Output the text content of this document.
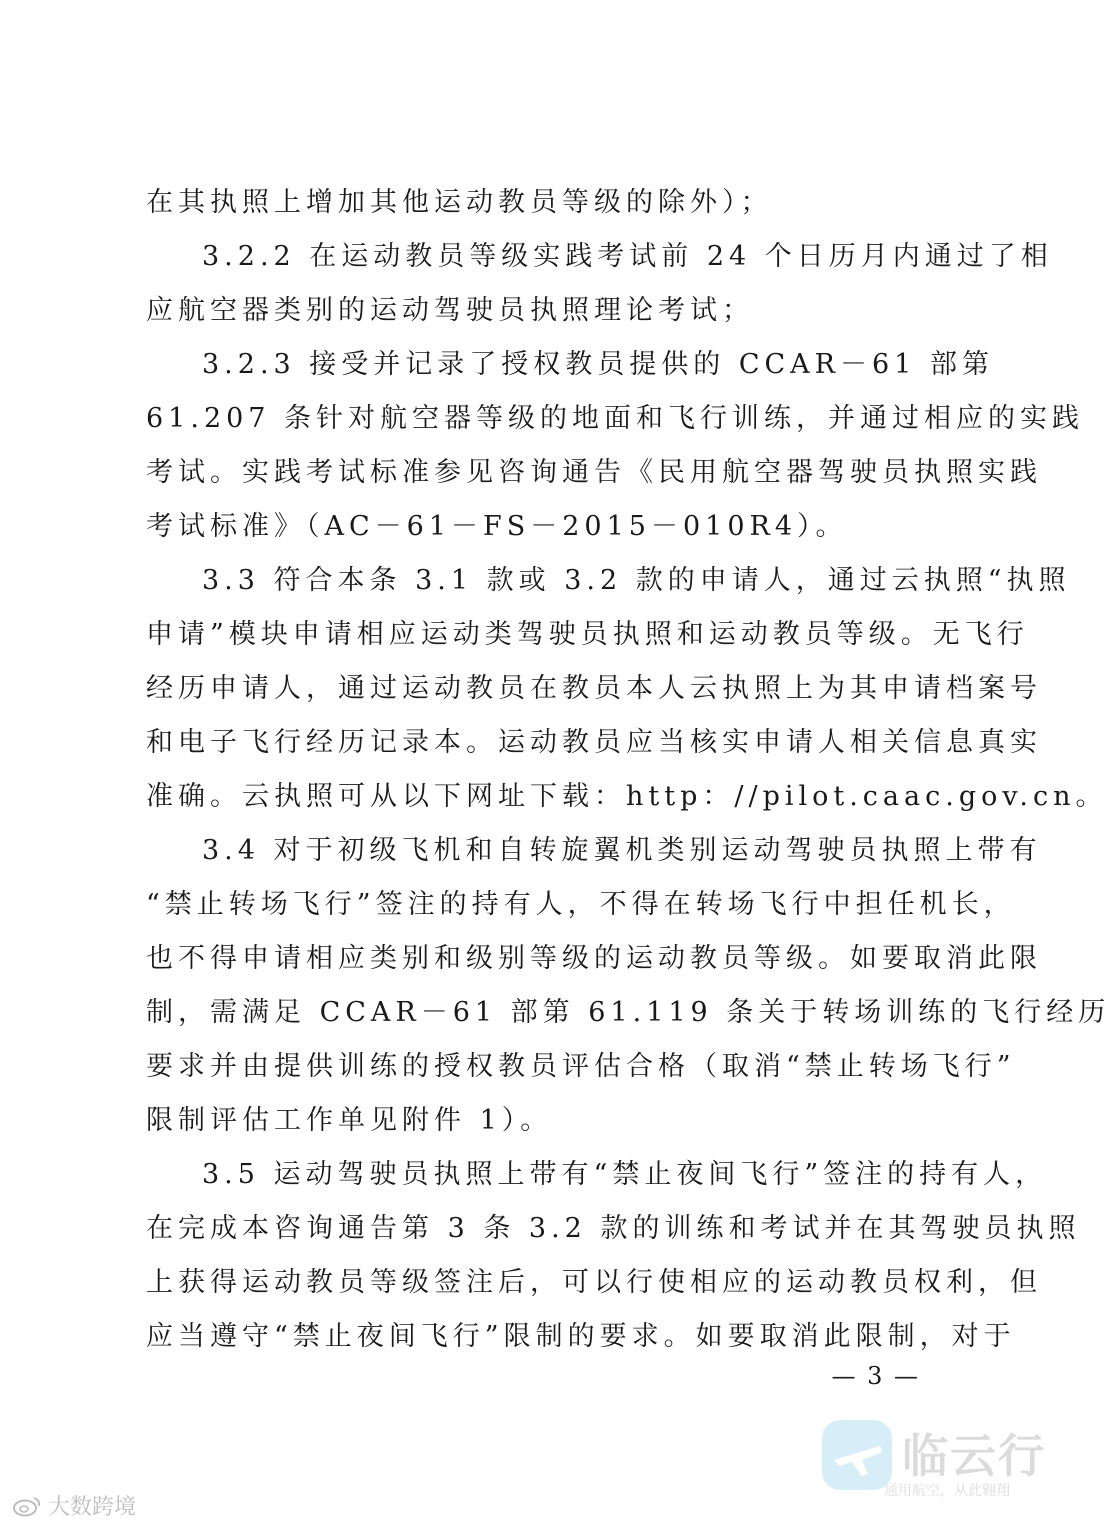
在其执照上增加其他运动教员等级的除外）；
3.2.2 在运动教员等级实践考试前 24 个日历月内通过了相
应航空器类别的运动驾驶员执照理论考试；
3.2.3 接受并记录了授权教员提供的 CCAR－61 部第
61.207 条针对航空器等级的地面和飞行训练，并通过相应的实践
考试。实践考试标准参见咨询通告《民用航空器驾驶员执照实践
考试标准》（AC－61－FS－2015－010R4）。
3.3 符合本条 3.1 款或 3.2 款的申请人，通过云执照“执照
申请”模块申请相应运动类驾驶员执照和运动教员等级。无飞行
经历申请人，通过运动教员在教员本人云执照上为其申请档案号
和电子飞行经历记录本。运动教员应当核实申请人相关信息真实
准确。云执照可从以下网址下载：http：//pilot.caac.gov.cn。
3.4 对于初级飞机和自转旋翼机类别运动驾驶员执照上带有
“禁止转场飞行”签注的持有人，不得在转场飞行中担任机长，
也不得申请相应类别和级别等级的运动教员等级。如要取消此限
制，需满足 CCAR－61 部第 61.119 条关于转场训练的飞行经历
要求并由提供训练的授权教员评估合格（取消“禁止转场飞行”
限制评估工作单见附件 1）。
3.5 运动驾驶员执照上带有“禁止夜间飞行”签注的持有人，
在完成本咨询通告第 3 条 3.2 款的训练和考试并在其驾驶员执照
上获得运动教员等级签注后，可以行使相应的运动教员权利，但
应当遵守“禁止夜间飞行”限制的要求。如要取消此限制，对于
— 3 —
临云行
通用航空，从此翱翔
大数跨境
